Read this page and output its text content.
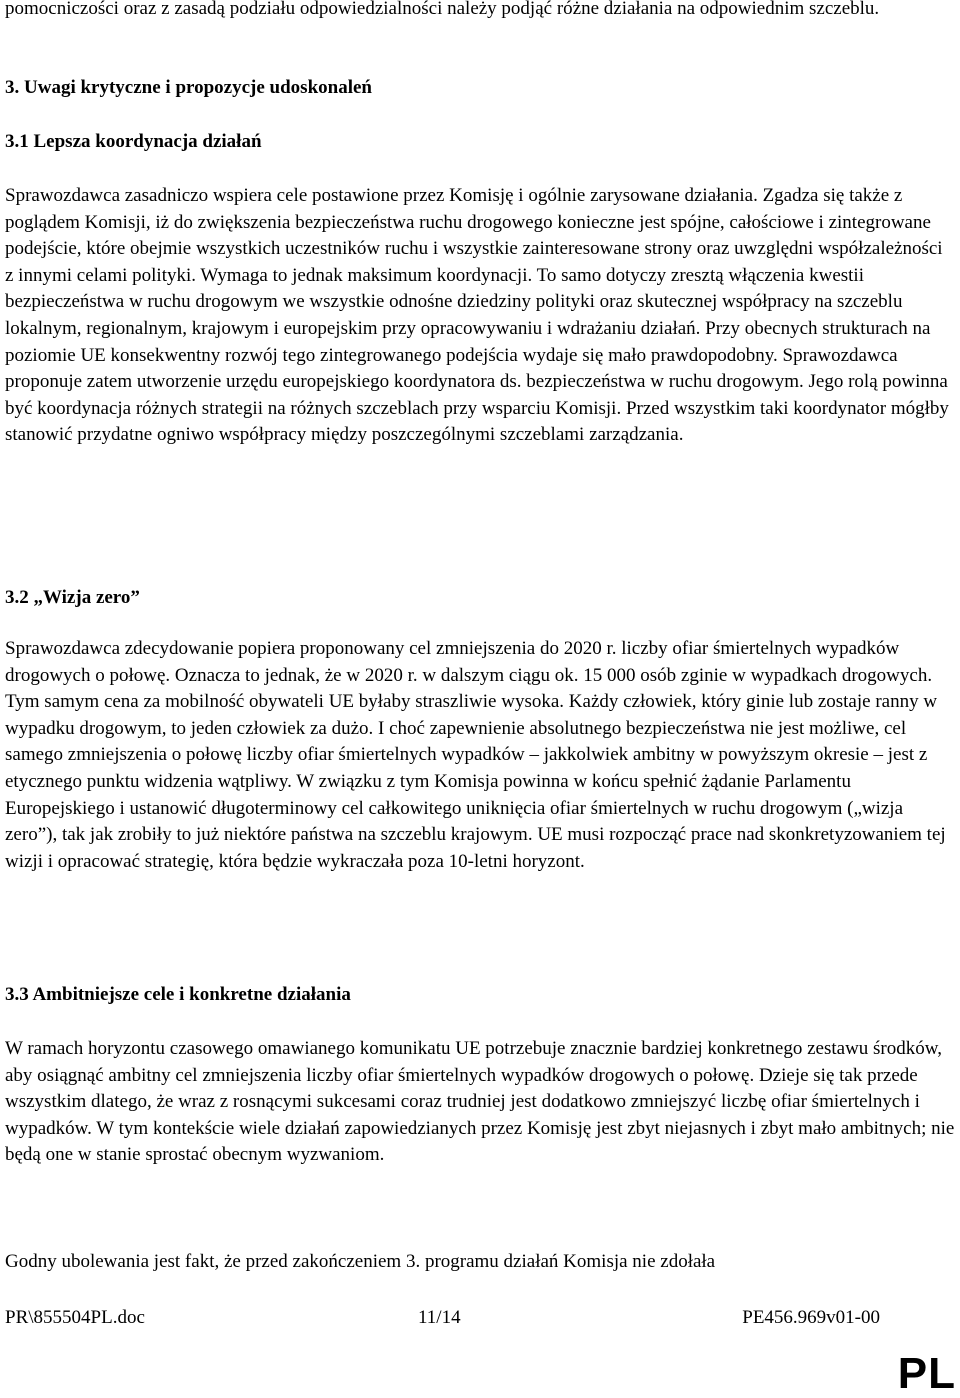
pomocniczości oraz z zasadą podziału odpowiedzialności należy podjąć różne działania na odpowiednim szczeblu.

3. Uwagi krytyczne i propozycje udoskonaleń

3.1 Lepsza koordynacja działań

Sprawozdawca zasadniczo wspiera cele postawione przez Komisję i ogólnie zarysowane działania. Zgadza się także z poglądem Komisji, iż do zwiększenia bezpieczeństwa ruchu drogowego konieczne jest spójne, całościowe i zintegrowane podejście, które obejmie wszystkich uczestników ruchu i wszystkie zainteresowane strony oraz uwzględni współzależności z innymi celami polityki. Wymaga to jednak maksimum koordynacji. To samo dotyczy zresztą włączenia kwestii bezpieczeństwa w ruchu drogowym we wszystkie odnośne dziedziny polityki oraz skutecznej współpracy na szczeblu lokalnym, regionalnym, krajowym i europejskim przy opracowywaniu i wdrażaniu działań. Przy obecnych strukturach na poziomie UE konsekwentny rozwój tego zintegrowanego podejścia wydaje się mało prawdopodobny. Sprawozdawca proponuje zatem utworzenie urzędu europejskiego koordynatora ds. bezpieczeństwa w ruchu drogowym. Jego rolą powinna być koordynacja różnych strategii na różnych szczeblach przy wsparciu Komisji. Przed wszystkim taki koordynator mógłby stanowić przydatne ogniwo współpracy między poszczególnymi szczeblami zarządzania.

3.2 „Wizja zero”

Sprawozdawca zdecydowanie popiera proponowany cel zmniejszenia do 2020 r. liczby ofiar śmiertelnych wypadków drogowych o połowę. Oznacza to jednak, że w 2020 r. w dalszym ciągu ok. 15 000 osób zginie w wypadkach drogowych. Tym samym cena za mobilność obywateli UE byłaby straszliwie wysoka. Każdy człowiek, który ginie lub zostaje ranny w wypadku drogowym, to jeden człowiek za dużo. I choć zapewnienie absolutnego bezpieczeństwa nie jest możliwe, cel samego zmniejszenia o połowę liczby ofiar śmiertelnych wypadków – jakkolwiek ambitny w powyższym okresie – jest z etycznego punktu widzenia wątpliwy. W związku z tym Komisja powinna w końcu spełnić żądanie Parlamentu Europejskiego i ustanowić długoterminowy cel całkowitego uniknięcia ofiar śmiertelnych w ruchu drogowym („wizja zero”), tak jak zrobiły to już niektóre państwa na szczeblu krajowym. UE musi rozpocząć prace nad skonkretyzowaniem tej wizji i opracować strategię, która będzie wykraczała poza 10-letni horyzont.

3.3 Ambitniejsze cele i konkretne działania

W ramach horyzontu czasowego omawianego komunikatu UE potrzebuje znacznie bardziej konkretnego zestawu środków, aby osiągnąć ambitny cel zmniejszenia liczby ofiar śmiertelnych wypadków drogowych o połowę. Dzieje się tak przede wszystkim dlatego, że wraz z rosnącymi sukcesami coraz trudniej jest dodatkowo zmniejszyć liczbę ofiar śmiertelnych i wypadków. W tym kontekście wiele działań zapowiedzianych przez Komisję jest zbyt niejasnych i zbyt mało ambitnych; nie będą one w stanie sprostać obecnym wyzwaniom.

Godny ubolewania jest fakt, że przed zakończeniem 3. programu działań Komisja nie zdołała

PR\855504PL.doc	11/14	PE456.969v01-00
PL
